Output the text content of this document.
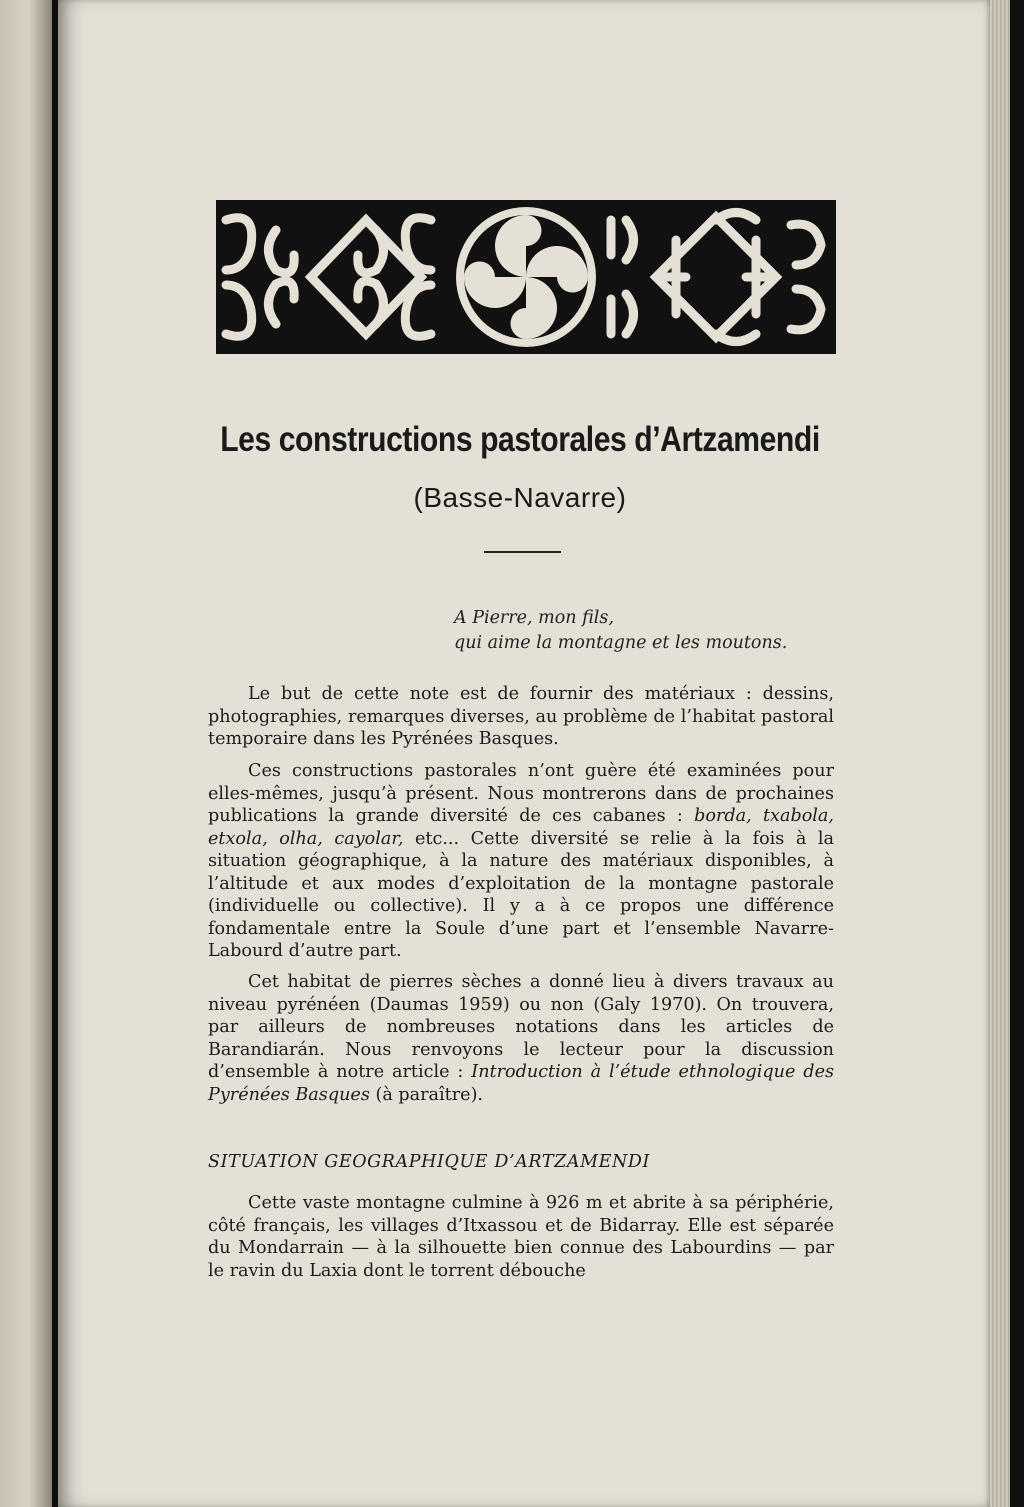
Les constructions pastorales d’Artzamendi
(Basse-Navarre)
A Pierre, mon fils,
qui aime la montagne et les moutons.

Le but de cette note est de fournir des matériaux : dessins, photographies, remarques diverses, au problème de l’habitat pastoral temporaire dans les Pyrénées Basques.

Ces constructions pastorales n’ont guère été examinées pour elles-mêmes, jusqu’à présent. Nous montrerons dans de prochaines publications la grande diversité de ces cabanes : borda, txabola, etxola, olha, cayolar, etc... Cette diversité se relie à la fois à la situation géographique, à la nature des matériaux disponibles, à l’altitude et aux modes d’exploitation de la montagne pastorale (individuelle ou collective). Il y a à ce propos une différence fondamentale entre la Soule d’une part et l’ensemble Navarre-Labourd d’autre part.

Cet habitat de pierres sèches a donné lieu à divers travaux au niveau pyrénéen (Daumas 1959) ou non (Galy 1970). On trouvera, par ailleurs de nombreuses notations dans les articles de Barandiarán. Nous renvoyons le lecteur pour la discussion d’ensemble à notre article : Introduction à l’étude ethnologique des Pyrénées Basques (à paraître).

SITUATION GEOGRAPHIQUE D’ARTZAMENDI

Cette vaste montagne culmine à 926 m et abrite à sa périphérie, côté français, les villages d’Itxassou et de Bidarray. Elle est séparée du Mondarrain — à la silhouette bien connue des Labourdins — par le ravin du Laxia dont le torrent débouche
